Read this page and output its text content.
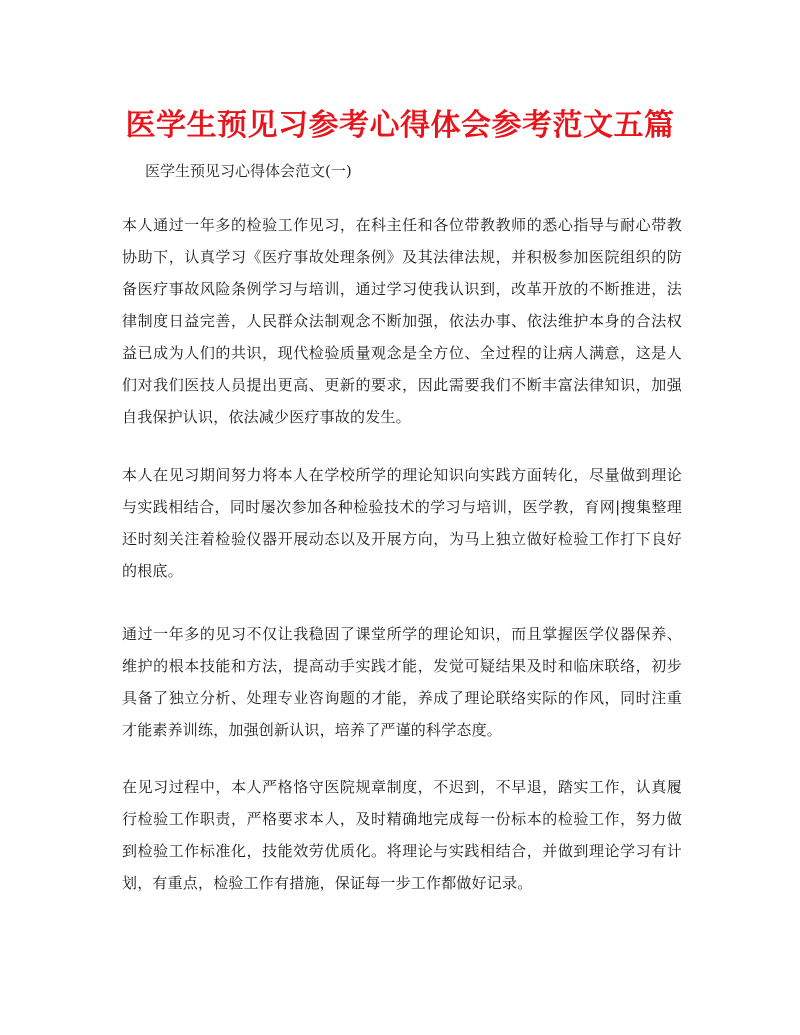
医学生预见习参考心得体会参考范文五篇

医学生预见习心得体会范文(一)

本人通过一年多的检验工作见习，在科主任和各位带教教师的悉心指导与耐心带教协助下，认真学习《医疗事故处理条例》及其法律法规，并积极参加医院组织的防备医疗事故风险条例学习与培训，通过学习使我认识到，改革开放的不断推进，法律制度日益完善，人民群众法制观念不断加强，依法办事、依法维护本身的合法权益已成为人们的共识，现代检验质量观念是全方位、全过程的让病人满意，这是人们对我们医技人员提出更高、更新的要求，因此需要我们不断丰富法律知识，加强自我保护认识，依法减少医疗事故的发生。

本人在见习期间努力将本人在学校所学的理论知识向实践方面转化，尽量做到理论与实践相结合，同时屡次参加各种检验技术的学习与培训，医学教，育网|搜集整理还时刻关注着检验仪器开展动态以及开展方向，为马上独立做好检验工作打下良好的根底。

通过一年多的见习不仅让我稳固了课堂所学的理论知识，而且掌握医学仪器保养、维护的根本技能和方法，提高动手实践才能，发觉可疑结果及时和临床联络，初步具备了独立分析、处理专业咨询题的才能，养成了理论联络实际的作风，同时注重才能素养训练，加强创新认识，培养了严谨的科学态度。

在见习过程中，本人严格恪守医院规章制度，不迟到，不早退，踏实工作，认真履行检验工作职责，严格要求本人，及时精确地完成每一份标本的检验工作，努力做到检验工作标准化，技能效劳优质化。将理论与实践相结合，并做到理论学习有计划，有重点，检验工作有措施，保证每一步工作都做好记录。
